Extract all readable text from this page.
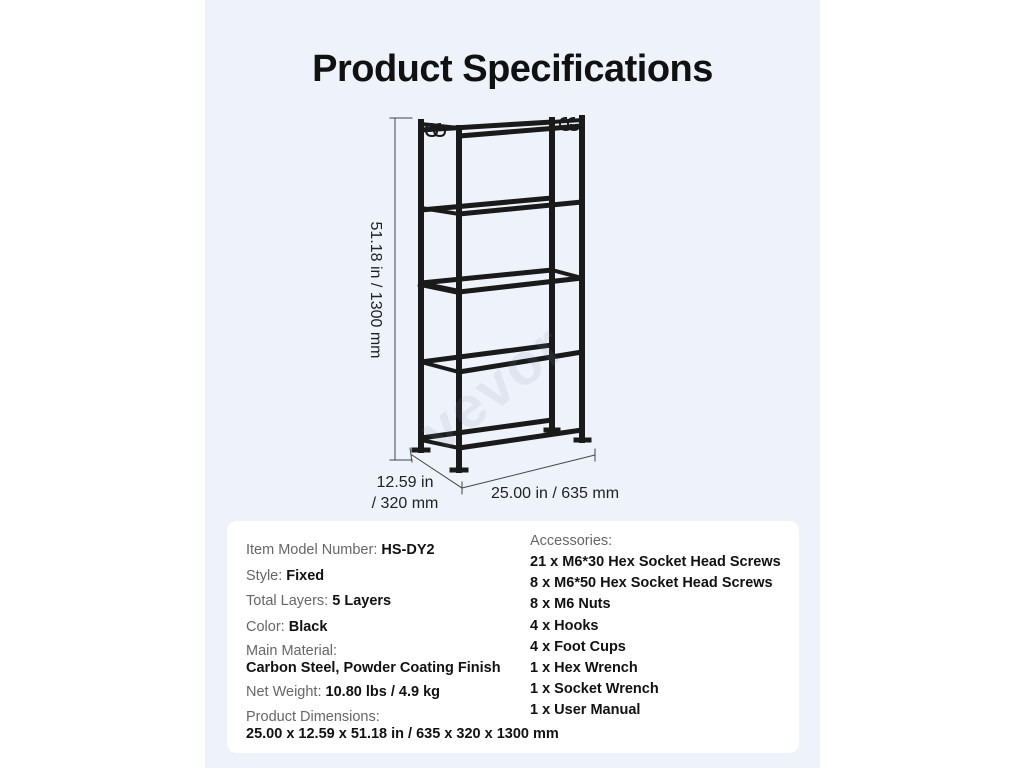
Product Specifications
vevor
51.18 in / 1300 mm
12.59 in
/ 320 mm
25.00 in / 635 mm
Item Model Number: HS-DY2
Style: Fixed
Total Layers: 5 Layers
Color: Black
Main Material:
Carbon Steel, Powder Coating Finish
Net Weight: 10.80 lbs / 4.9 kg
Product Dimensions:
25.00 x 12.59 x 51.18 in / 635 x 320 x 1300 mm
Accessories:
21 x M6*30 Hex Socket Head Screws
8 x M6*50 Hex Socket Head Screws
8 x M6 Nuts
4 x Hooks
4 x Foot Cups
1 x Hex Wrench
1 x Socket Wrench
1 x User Manual
